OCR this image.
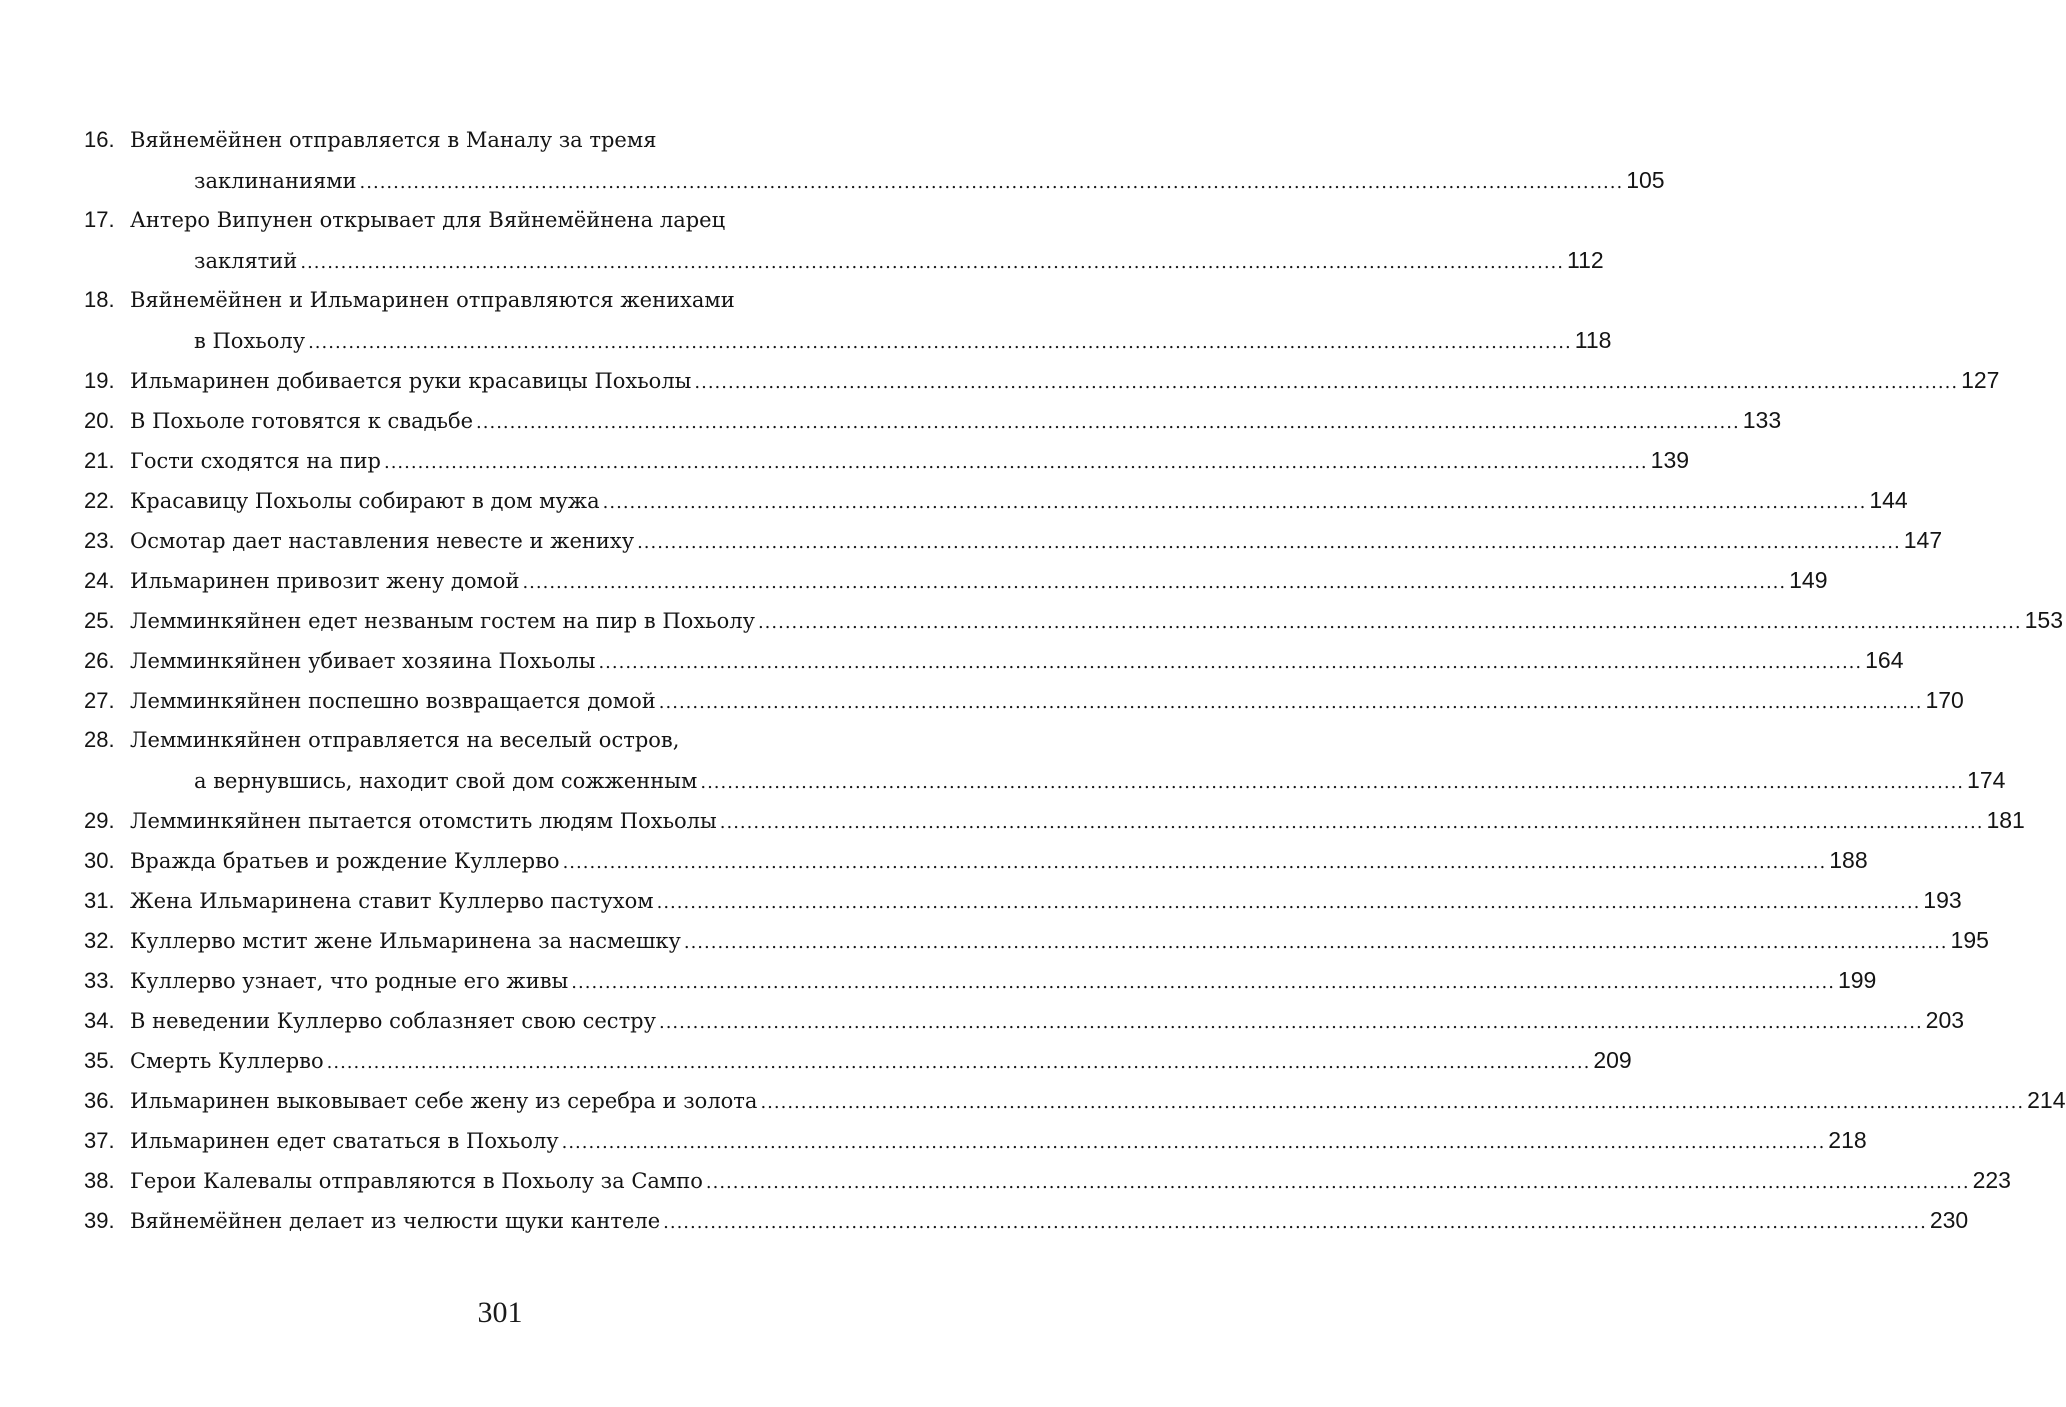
16. Вяйнемёйнен отправляется в Маналу за тремя
заклинаниями .....	105
17. Антеро Випунен открывает для Вяйнемёйнена ларец
заклятий .....	112
18. Вяйнемёйнен и Ильмаринен отправляются женихами
в Похьолу .....	118
19. Ильмаринен добивается руки красавицы Похьолы .....	127
20. В Похьоле готовятся к свадьбе .....	133
21. Гости сходятся на пир .....	139
22. Красавицу Похьолы собирают в дом мужа .....	144
23. Осмотар дает наставления невесте и жениху .....	147
24. Ильмаринен привозит жену домой .....	149
25. Лемминкяйнен едет незваным гостем на пир в Похьолу .....	153
26. Лемминкяйнен убивает хозяина Похьолы .....	164
27. Лемминкяйнен поспешно возвращается домой .....	170
28. Лемминкяйнен отправляется на веселый остров,
а вернувшись, находит свой дом сожженным .....	174
29. Лемминкяйнен пытается отомстить людям Похьолы .....	181
30. Вражда братьев и рождение Куллерво .....	188
31. Жена Ильмаринена ставит Куллерво пастухом .....	193
32. Куллерво мстит жене Ильмаринена за насмешку .....	195
33. Куллерво узнает, что родные его живы .....	199
34. В неведении Куллерво соблазняет свою сестру .....	203
35. Смерть Куллерво .....	209
36. Ильмаринен выковывает себе жену из серебра и золота .....	214
37. Ильмаринен едет свататься в Похьолу .....	218
38. Герои Калевалы отправляются в Похьолу за Сампо .....	223
39. Вяйнемёйнен делает из челюсти щуки кантеле .....	230
301
